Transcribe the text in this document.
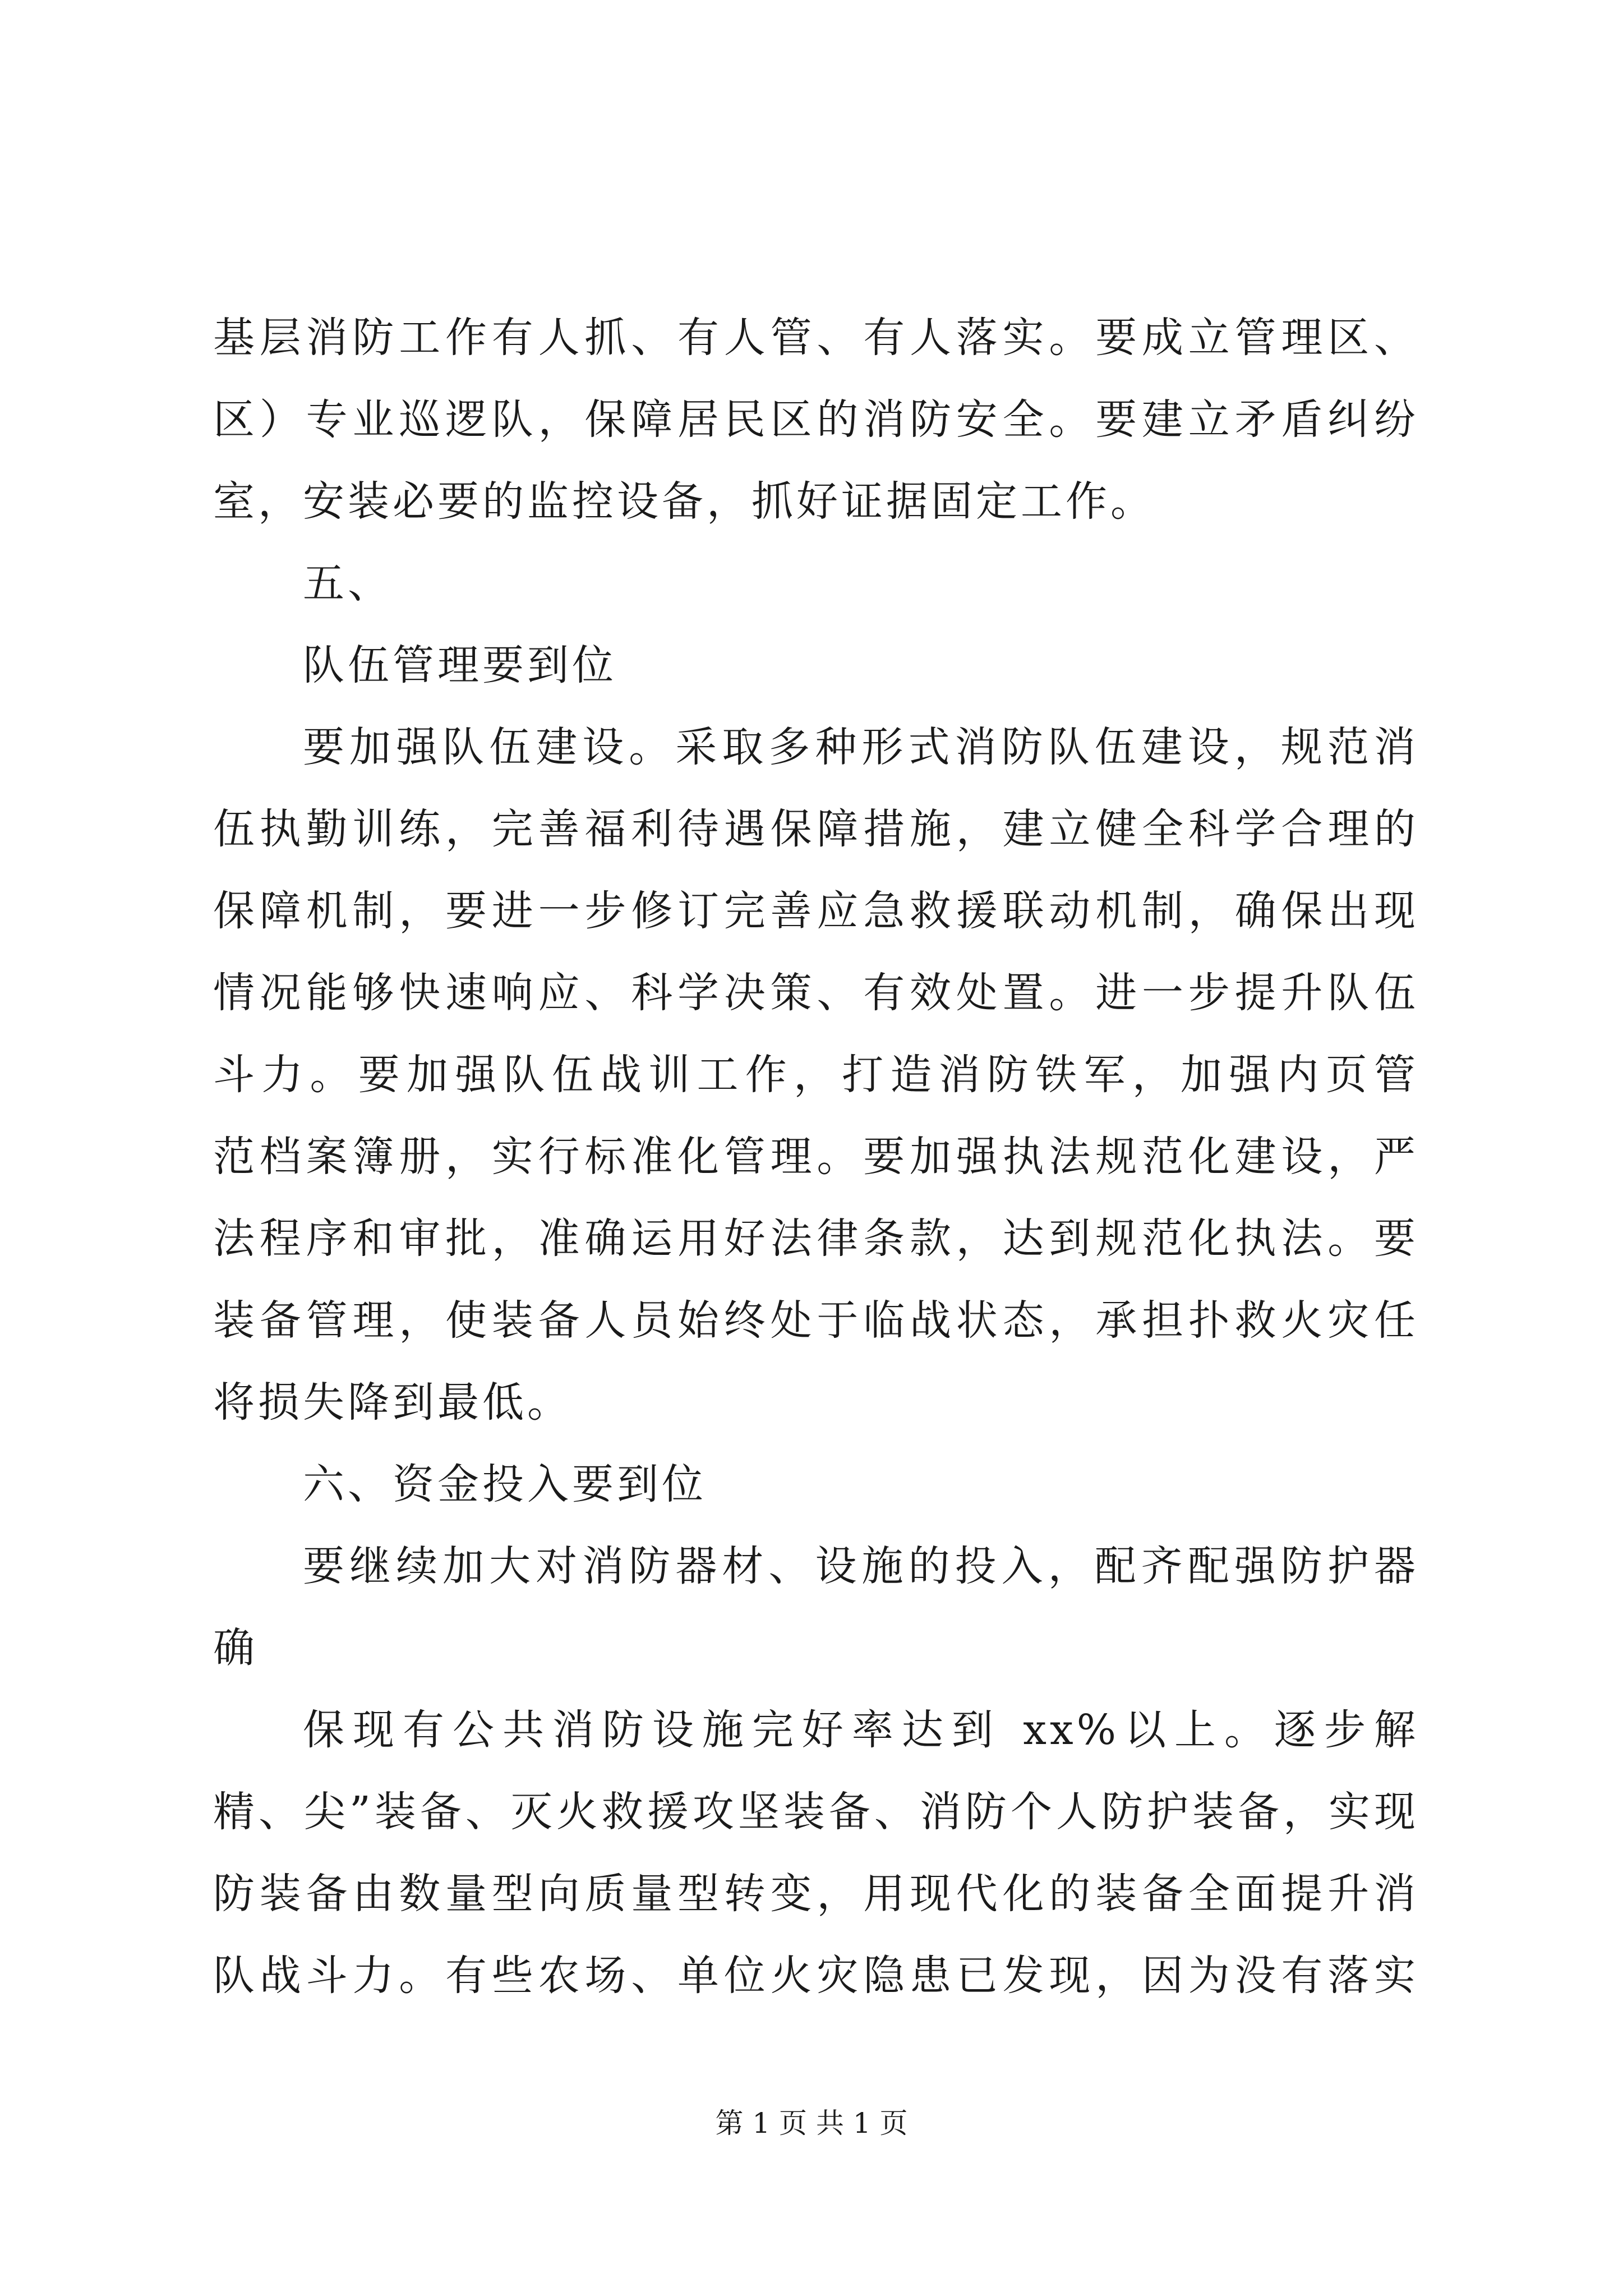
基层消防工作有人抓、有人管、有人落实。要成立管理区、
区）专业巡逻队，保障居民区的消防安全。要建立矛盾纠纷
室，安装必要的监控设备，抓好证据固定工作。
五、
队伍管理要到位
要加强队伍建设。采取多种形式消防队伍建设，规范消
伍执勤训练，完善福利待遇保障措施，建立健全科学合理的
保障机制，要进一步修订完善应急救援联动机制，确保出现
情况能够快速响应、科学决策、有效处置。进一步提升队伍
斗力。要加强队伍战训工作，打造消防铁军，加强内页管
范档案簿册，实行标准化管理。要加强执法规范化建设，严
法程序和审批，准确运用好法律条款，达到规范化执法。要
装备管理，使装备人员始终处于临战状态，承担扑救火灾任
将损失降到最低。
六、资金投入要到位
要继续加大对消防器材、设施的投入，配齐配强防护器
确
保现有公共消防设施完好率达到 xx%以上。逐步解
精、尖”装备、灭火救援攻坚装备、消防个人防护装备，实现
防装备由数量型向质量型转变，用现代化的装备全面提升消
队战斗力。有些农场、单位火灾隐患已发现，因为没有落实
第 1 页 共 1 页
